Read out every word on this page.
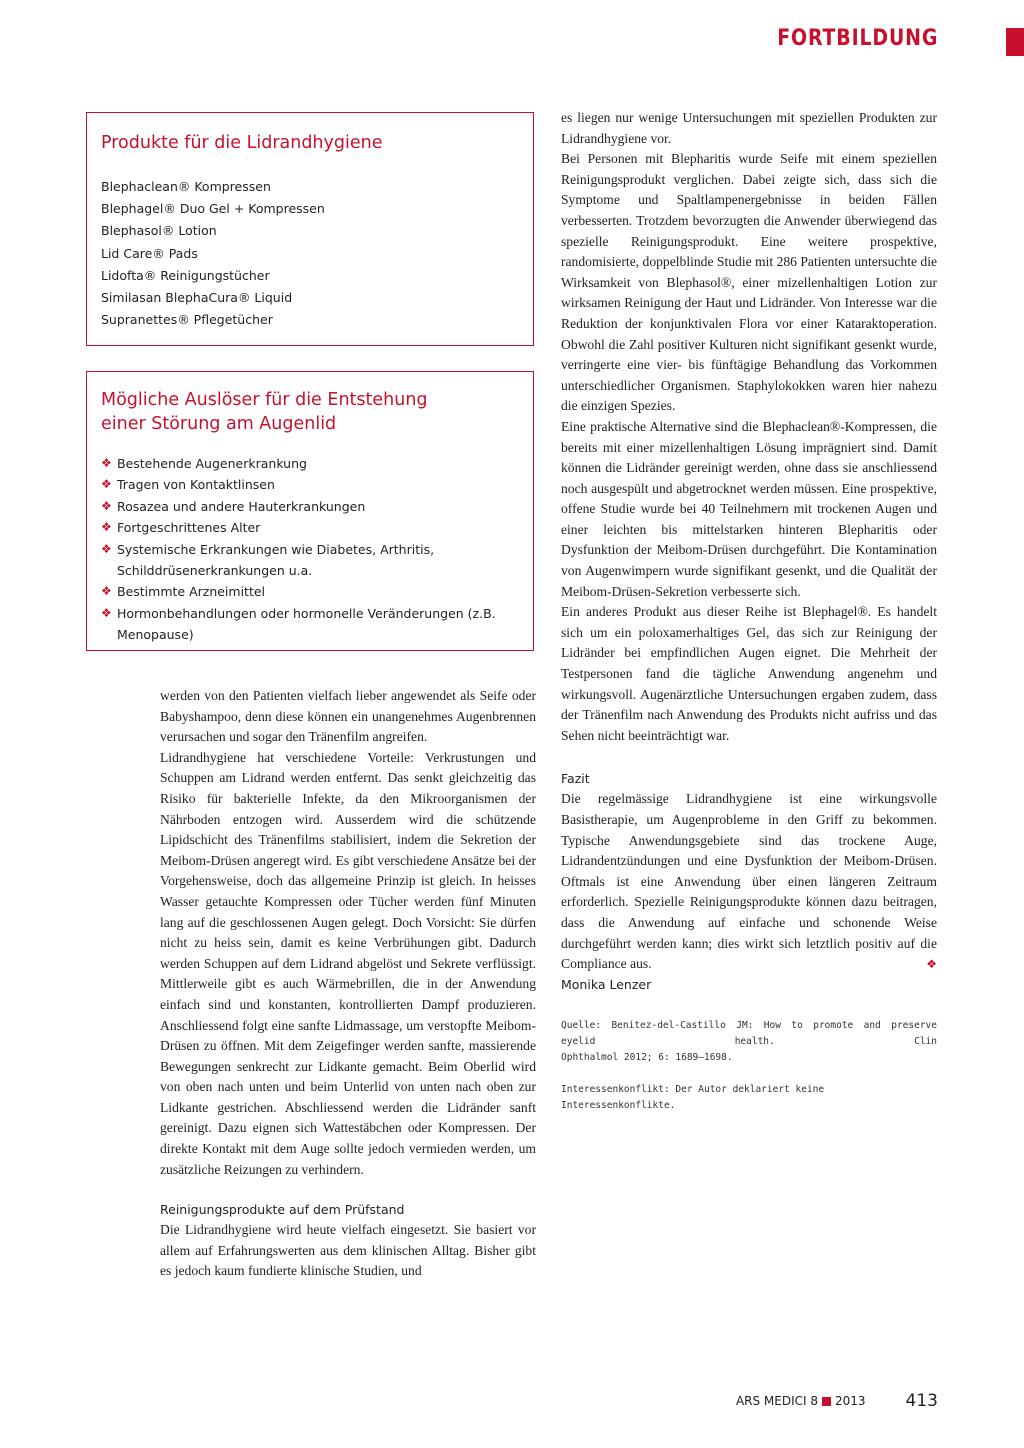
FORTBILDUNG
Produkte für die Lidrandhygiene
Blephaclean® Kompressen
Blephagel® Duo Gel + Kompressen
Blephasol® Lotion
Lid Care® Pads
Lidofta® Reinigungstücher
Similasan BlephaCura® Liquid
Supranettes® Pflegetücher
Mögliche Auslöser für die Entstehung
einer Störung am Augenlid
❖ Bestehende Augenerkrankung
❖ Tragen von Kontaktlinsen
❖ Rosazea und andere Hauterkrankungen
❖ Fortgeschrittenes Alter
❖ Systemische Erkrankungen wie Diabetes, Arthritis, Schilddrüsenerkrankungen u.a.
❖ Bestimmte Arzneimittel
❖ Hormonbehandlungen oder hormonelle Veränderungen (z.B. Menopause)

werden von den Patienten vielfach lieber angewendet als Seife oder Babyshampoo, denn diese können ein unangenehmes Augenbrennen verursachen und sogar den Tränenfilm angreifen.

Lidrandhygiene hat verschiedene Vorteile: Verkrustungen und Schuppen am Lidrand werden entfernt. Das senkt gleichzeitig das Risiko für bakterielle Infekte, da den Mikroorganismen der Nährboden entzogen wird. Ausserdem wird die schützende Lipidschicht des Tränenfilms stabilisiert, indem die Sekretion der Meibom-Drüsen angeregt wird. Es gibt verschiedene Ansätze bei der Vorgehensweise, doch das allgemeine Prinzip ist gleich. In heisses Wasser getauchte Kompressen oder Tücher werden fünf Minuten lang auf die geschlossenen Augen gelegt. Doch Vorsicht: Sie dürfen nicht zu heiss sein, damit es keine Verbrühungen gibt. Dadurch werden Schuppen auf dem Lidrand abgelöst und Sekrete verflüssigt. Mittlerweile gibt es auch Wärmebrillen, die in der Anwendung einfach sind und konstanten, kontrollierten Dampf produzieren. Anschliessend folgt eine sanfte Lidmassage, um verstopfte Meibom-Drüsen zu öffnen. Mit dem Zeigefinger werden sanfte, massierende Bewegungen senkrecht zur Lidkante gemacht. Beim Oberlid wird von oben nach unten und beim Unterlid von unten nach oben zur Lidkante gestrichen. Abschliessend werden die Lidränder sanft gereinigt. Dazu eignen sich Wattestäbchen oder Kompressen. Der direkte Kontakt mit dem Auge sollte jedoch vermieden werden, um zusätzliche Reizungen zu verhindern.

Reinigungsprodukte auf dem Prüfstand

Die Lidrandhygiene wird heute vielfach eingesetzt. Sie basiert vor allem auf Erfahrungswerten aus dem klinischen Alltag. Bisher gibt es jedoch kaum fundierte klinische Studien, und

es liegen nur wenige Untersuchungen mit speziellen Produkten zur Lidrandhygiene vor.

Bei Personen mit Blepharitis wurde Seife mit einem speziellen Reinigungsprodukt verglichen. Dabei zeigte sich, dass sich die Symptome und Spaltlampenergebnisse in beiden Fällen verbesserten. Trotzdem bevorzugten die Anwender überwiegend das spezielle Reinigungsprodukt. Eine weitere prospektive, randomisierte, doppelblinde Studie mit 286 Patienten untersuchte die Wirksamkeit von Blephasol®, einer mizellenhaltigen Lotion zur wirksamen Reinigung der Haut und Lidränder. Von Interesse war die Reduktion der konjunktivalen Flora vor einer Kataraktoperation. Obwohl die Zahl positiver Kulturen nicht signifikant gesenkt wurde, verringerte eine vier- bis fünftägige Behandlung das Vorkommen unterschiedlicher Organismen. Staphylokokken waren hier nahezu die einzigen Spezies.

Eine praktische Alternative sind die Blephaclean®-Kompressen, die bereits mit einer mizellenhaltigen Lösung imprägniert sind. Damit können die Lidränder gereinigt werden, ohne dass sie anschliessend noch ausgespült und abgetrocknet werden müssen. Eine prospektive, offene Studie wurde bei 40 Teilnehmern mit trockenen Augen und einer leichten bis mittelstarken hinteren Blepharitis oder Dysfunktion der Meibom-Drüsen durchgeführt. Die Kontamination von Augenwimpern wurde signifikant gesenkt, und die Qualität der Meibom-Drüsen-Sekretion verbesserte sich.

Ein anderes Produkt aus dieser Reihe ist Blephagel®. Es handelt sich um ein poloxamerhaltiges Gel, das sich zur Reinigung der Lidränder bei empfindlichen Augen eignet. Die Mehrheit der Testpersonen fand die tägliche Anwendung angenehm und wirkungsvoll. Augenärztliche Untersuchungen ergaben zudem, dass der Tränenfilm nach Anwendung des Produkts nicht aufriss und das Sehen nicht beeinträchtigt war.

Fazit

Die regelmässige Lidrandhygiene ist eine wirkungsvolle Basistherapie, um Augenprobleme in den Griff zu bekommen. Typische Anwendungsgebiete sind das trockene Auge, Lidrandentzündungen und eine Dysfunktion der Meibom-Drüsen. Oftmals ist eine Anwendung über einen längeren Zeitraum erforderlich. Spezielle Reinigungsprodukte können dazu beitragen, dass die Anwendung auf einfache und schonende Weise durchgeführt werden kann; dies wirkt sich letztlich positiv auf die Compliance aus.	❖

Monika Lenzer

Quelle: Benitez-del-Castillo JM: How to promote and preserve eyelid health. Clin
Ophthalmol 2012; 6: 1689–1698.
Interessenkonflikt: Der Autor deklariert keine Interessenkonflikte.
ARS MEDICI 8 2013 413
